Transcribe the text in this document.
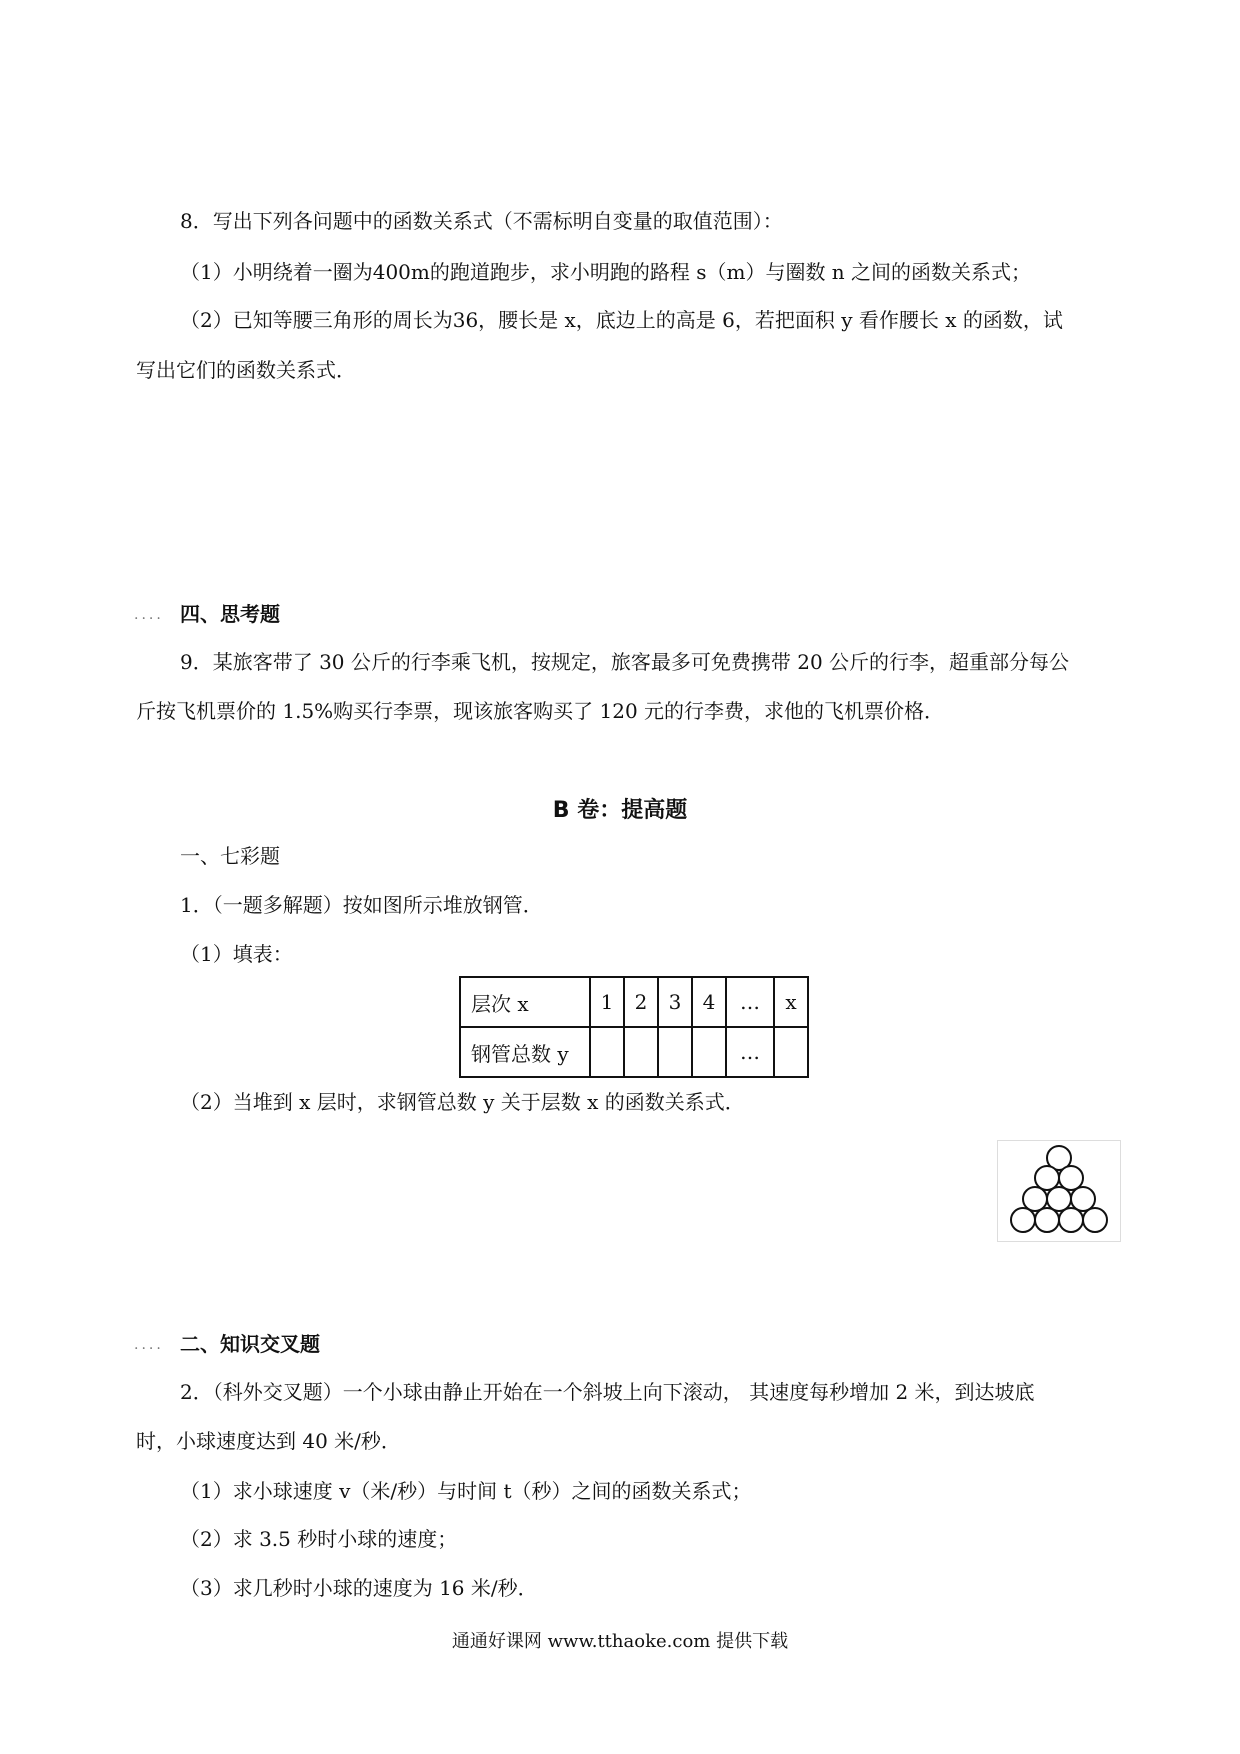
8．写出下列各问题中的函数关系式（不需标明自变量的取值范围）：
（1）小明绕着一圈为400m的跑道跑步，求小明跑的路程 s（m）与圈数 n 之间的函数关系式；
（2）已知等腰三角形的周长为36，腰长是 x，底边上的高是 6，若把面积 y 看作腰长 x 的函数，试
写出它们的函数关系式．
.... 四、思考题
9．某旅客带了 30 公斤的行李乘飞机，按规定，旅客最多可免费携带 20 公斤的行李，超重部分每公
斤按飞机票价的 1.5%购买行李票，现该旅客购买了 120 元的行李费，求他的飞机票价格．
B 卷：提高题
一、七彩题
1．（一题多解题）按如图所示堆放钢管．
（1）填表：
层次 x	1	2	3	4	…	x
钢管总数 y					…	
（2）当堆到 x 层时，求钢管总数 y 关于层数 x 的函数关系式．
.... 二、知识交叉题
2．（科外交叉题）一个小球由静止开始在一个斜坡上向下滚动， 其速度每秒增加 2 米，到达坡底
时，小球速度达到 40 米/秒．
（1）求小球速度 v（米/秒）与时间 t（秒）之间的函数关系式；
（2）求 3.5 秒时小球的速度；
（3）求几秒时小球的速度为 16 米/秒．
通通好课网 www.tthaoke.com 提供下载
